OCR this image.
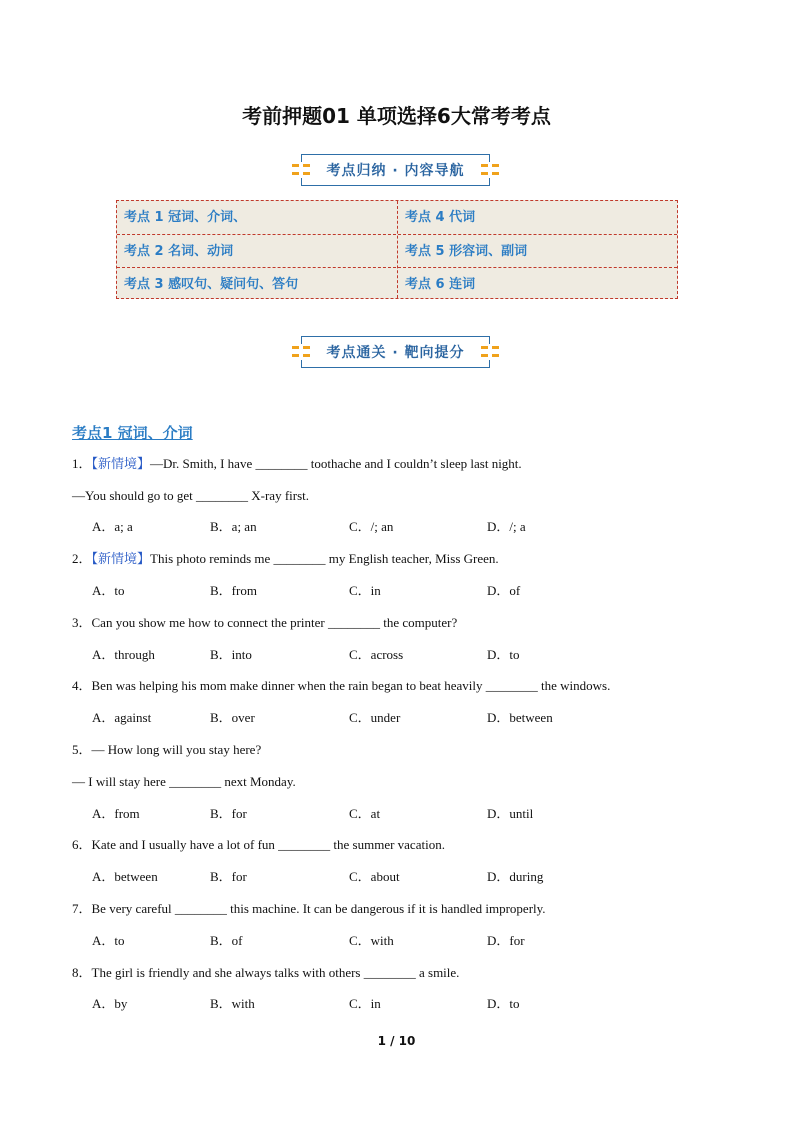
考前押题01 单项选择6大常考考点
考点归纳 · 内容导航
考点 1 冠词、介词、	考点 4 代词
考点 2 名词、动词	考点 5 形容词、副词
考点 3 感叹句、疑问句、答句	考点 6 连词
考点通关 · 靶向提分
考点1 冠词、介词
1．【新情境】—Dr. Smith, I have ________ toothache and I couldn’t sleep last night.
—You should go to get ________ X-ray first.
A．a; a	B．a; an	C．/; an	D．/; a
2．【新情境】This photo reminds me ________ my English teacher, Miss Green.
A．to	B．from	C．in	D．of
3．Can you show me how to connect the printer ________ the computer?
A．through	B．into	C．across	D．to
4．Ben was helping his mom make dinner when the rain began to beat heavily ________ the windows.
A．against	B．over	C．under	D．between
5．— How long will you stay here?
— I will stay here ________ next Monday.
A．from	B．for	C．at	D．until
6．Kate and I usually have a lot of fun ________ the summer vacation.
A．between	B．for	C．about	D．during
7．Be very careful ________ this machine. It can be dangerous if it is handled improperly.
A．to	B．of	C．with	D．for
8．The girl is friendly and she always talks with others ________ a smile.
A．by	B．with	C．in	D．to
1 / 10
